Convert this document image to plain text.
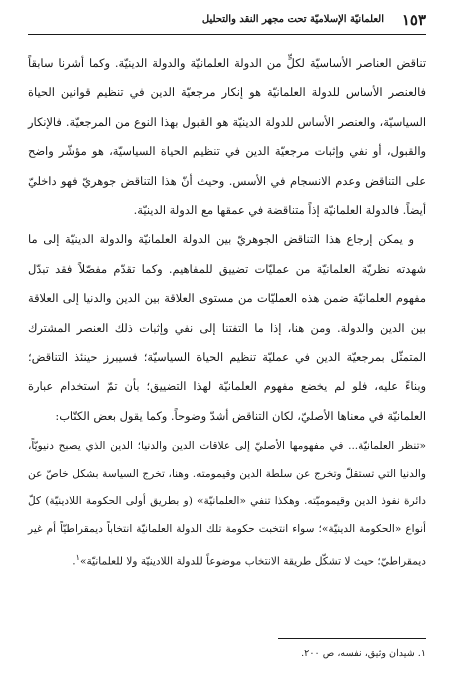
١٥٣
العلمانيّة الإسلاميّة تحت مجهر النقد والتحليل

تناقض العناصر الأساسيّة لكلٍّ من الدولة العلمانيّة والدولة الدينيّة. وكما أشرنا سابقاً فالعنصر الأساس للدولة العلمانيّة هو إنكار مرجعيّة الدين في تنظيم قوانين الحياة السياسيّة، والعنصر الأساس للدولة الدينيّة هو القبول بهذا النوع من المرجعيّة. فالإنكار والقبول، أو نفي وإثبات مرجعيّة الدين في تنظيم الحياة السياسيّة، هو مؤشّر واضح على التناقض وعدم الانسجام في الأسس. وحيث أنّ هذا التناقض جوهريّ فهو داخليّ أيضاً. فالدولة العلمانيّة إذاً متناقضة في عمقها مع الدولة الدينيّة.

و يمكن إرجاع هذا التناقض الجوهريّ بين الدولة العلمانيّة والدولة الدينيّة إلى ما شهدته نظريّة العلمانيّة من عمليّات تضييق للمفاهيم. وكما تقدّم مفصّلاً فقد تبدّل مفهوم العلمانيّة ضمن هذه العمليّات من مستوى العلاقة بين الدين والدنيا إلى العلاقة بين الدين والدولة. ومن هنا، إذا ما التفتنا إلى نفي وإثبات ذلك العنصر المشترك المتمثّل بمرجعيّة الدين في عمليّة تنظيم الحياة السياسيّة؛ فسيبرز حينئذ التناقض؛ وبناءً عليه، فلو لم يخضع مفهوم العلمانيّة لهذا التضييق؛ بأن تمّ استخدام عبارة العلمانيّة في معناها الأصليّ، لكان التناقض أشدّ وضوحاً. وكما يقول بعض الكتّاب:

«تنظر العلمانيّة... في مفهومها الأصليّ إلى علاقات الدين والدنيا؛ الدين الذي يصبح دنيويّاً، والدنيا التي تستقلّ وتخرج عن سلطة الدين وقيمومته. وهنا، تخرج السياسة بشكل خاصّ عن دائرة نفوذ الدين وقيموميّته. وهكذا تنفي «العلمانيّة» (و بطريق أولى الحكومة اللادينيّة) كلّ أنواع «الحكومة الدينيّة»؛ سواء انتخبت حكومة تلك الدولة العلمانيّة انتخاباً ديمقراطيّاً أم غير ديمقراطيّ؛ حيث لا تشكّل طريقة الانتخاب موضوعاً للدولة اللادينيّة ولا للعلمانيّة»$^١$.

١. شيدان وثيق، نفسه، ص ٢٠٠.
